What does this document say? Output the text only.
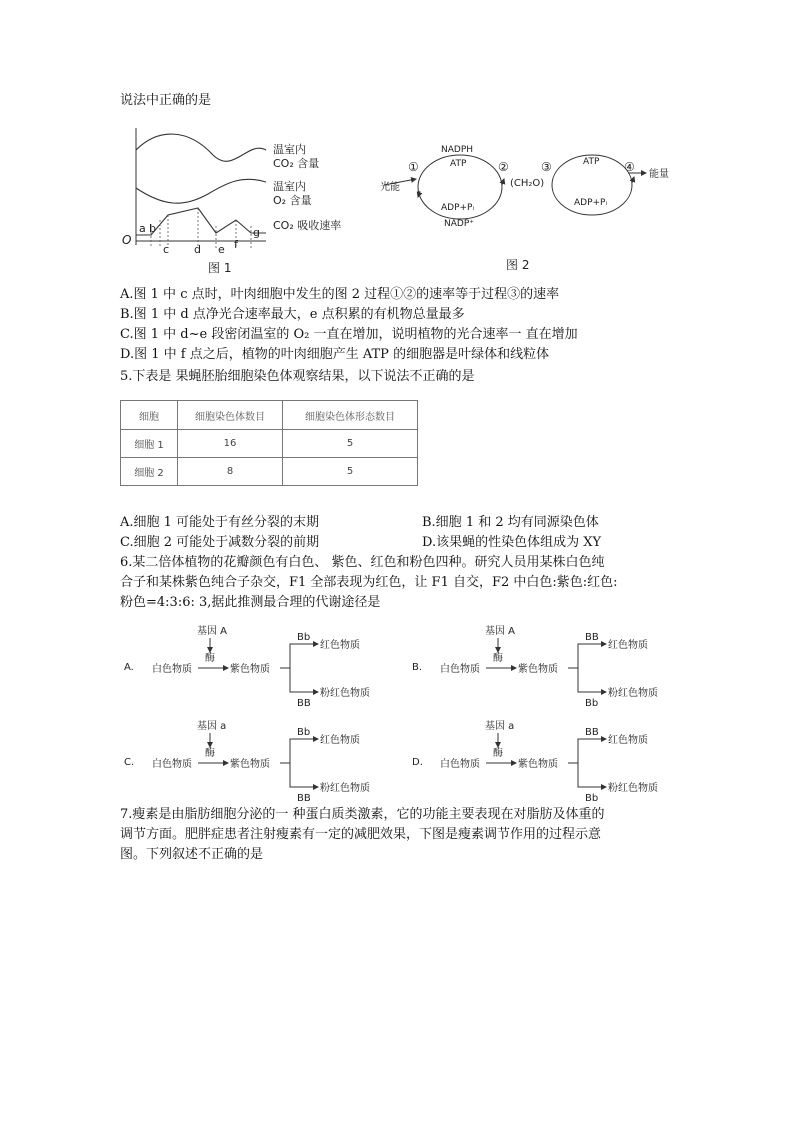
说法中正确的是
O
a b
c d e f
g
温室内
CO₂ 含量
温室内
O₂ 含量
CO₂ 吸收速率
图 1
光能
NADPH
ATP
ADP+Pᵢ
NADP⁺
①	②
(CH₂O)
③	④
ATP
ADP+Pᵢ
能量
图 2
A.图 1 中 c 点时，叶肉细胞中发生的图 2 过程①②的速率等于过程③的速率
B.图 1 中 d 点净光合速率最大，e 点积累的有机物总量最多
C.图 1 中 d~e 段密闭温室的 O₂ 一直在增加，说明植物的光合速率一 直在增加
D.图 1 中 f 点之后，植物的叶肉细胞产生 ATP 的细胞器是叶绿体和线粒体
5.下表是 果蝇胚胎细胞染色体观察结果，以下说法不正确的是
细胞	细胞染色体数目	细胞染色体形态数目
细胞 1	16	5
细胞 2	8	5
A.细胞 1 可能处于有丝分裂的末期	B.细胞 1 和 2 均有同源染色体
C.细胞 2 可能处于减数分裂的前期	D.该果蝇的性染色体组成为 XY
6.某二倍体植物的花瓣颜色有白色、 紫色、红色和粉色四种。研究人员用某株白色纯
合子和某株紫色纯合子杂交，F1 全部表现为红色，让 F1 自交，F2 中白色:紫色:红色:
粉色=4:3:6: 3,据此推测最合理的代谢途径是
A.
基因 A
酶
白色物质	紫色物质
Bb
红色物质
BB
粉红色物质
B.
基因 A
酶
白色物质	紫色物质
BB
红色物质
Bb
粉红色物质
C.
基因 a
酶
白色物质	紫色物质
Bb
红色物质
BB
粉红色物质
D.
基因 a
酶
白色物质	紫色物质
BB
红色物质
Bb
粉红色物质
7.瘦素是由脂肪细胞分泌的一 种蛋白质类激素，它的功能主要表现在对脂肪及体重的
调节方面。肥胖症患者注射瘦素有一定的减肥效果，下图是瘦素调节作用的过程示意
图。下列叙述不正确的是
